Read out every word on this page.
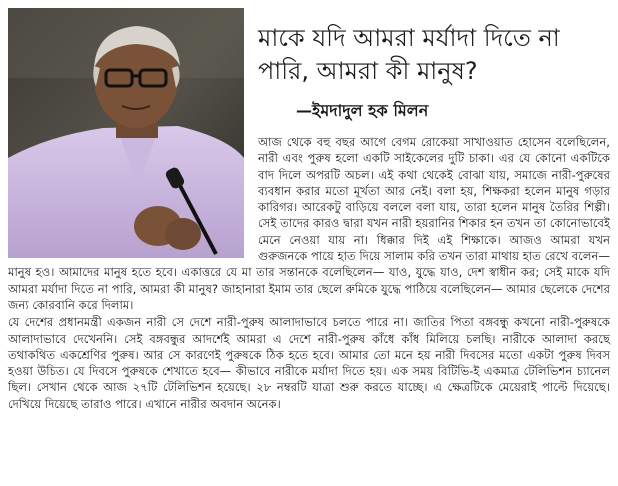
মাকে যদি আমরা মর্যাদা দিতে না পারি, আমরা কী মানুষ?
—ইমদাদুল হক মিলন

আজ থেকে বহু বছর আগে বেগম রোকেয়া সাখাওয়াত হোসেন বলেছিলেন, নারী এবং পুরুষ হলো একটি সাইকেলের দুটি চাকা। এর যে কোনো একটিকে বাদ দিলে অপরটি অচল। এই কথা থেকেই বোঝা যায়, সমাজে নারী-পুরুষের ব্যবধান করার মতো মূর্খতা আর নেই। বলা হয়, শিক্ষকরা হলেন মানুষ গড়ার কারিগর। আরেকটু বাড়িয়ে বললে বলা যায়, তারা হলেন মানুষ তৈরির শিল্পী। সেই তাদের কারও দ্বারা যখন নারী হয়রানির শিকার হন তখন তা কোনোভাবেই মেনে নেওয়া যায় না। ধিক্কার দিই এই শিক্ষাকে। আজও আমরা যখন গুরুজনকে পায়ে হাত দিয়ে সালাম করি তখন তারা মাথায় হাত রেখে বলেন— মানুষ হও। আমাদের মানুষ হতে হবে। একাত্তরে যে মা তার সন্তানকে বলেছিলেন— যাও, যুদ্ধে যাও, দেশ স্বাধীন কর; সেই মাকে যদি আমরা মর্যাদা দিতে না পারি, আমরা কী মানুষ? জাহানারা ইমাম তার ছেলে রুমিকে যুদ্ধে পাঠিয়ে বলেছিলেন— আমার ছেলেকে দেশের জন্য কোরবানি করে দিলাম।

যে দেশের প্রধানমন্ত্রী একজন নারী সে দেশে নারী-পুরুষ আলাদাভাবে চলতে পারে না। জাতির পিতা বঙ্গবন্ধু কখনো নারী-পুরুষকে আলাদাভাবে দেখেননি। সেই বঙ্গবন্ধুর আদর্শেই আমরা এ দেশে নারী-পুরুষ কাঁধে কাঁধ মিলিয়ে চলছি। নারীকে আলাদা করছে তথাকথিত একশ্রেণির পুরুষ। আর সে কারণেই পুরুষকে ঠিক হতে হবে। আমার তো মনে হয় নারী দিবসের মতো একটা পুরুষ দিবস হওয়া উচিত। যে দিবসে পুরুষকে শেখাতে হবে— কীভাবে নারীকে মর্যাদা দিতে হয়। এক সময় বিটিভি-ই একমাত্র টেলিভিশন চ্যানেল ছিল। সেখান থেকে আজ ২৭টি টেলিভিশন হয়েছে। ২৮ নম্বরটি যাত্রা শুরু করতে যাচ্ছে। এ ক্ষেত্রটিকে মেয়েরাই পাল্টে দিয়েছে। দেখিয়ে দিয়েছে তারাও পারে। এখানে নারীর অবদান অনেক।
